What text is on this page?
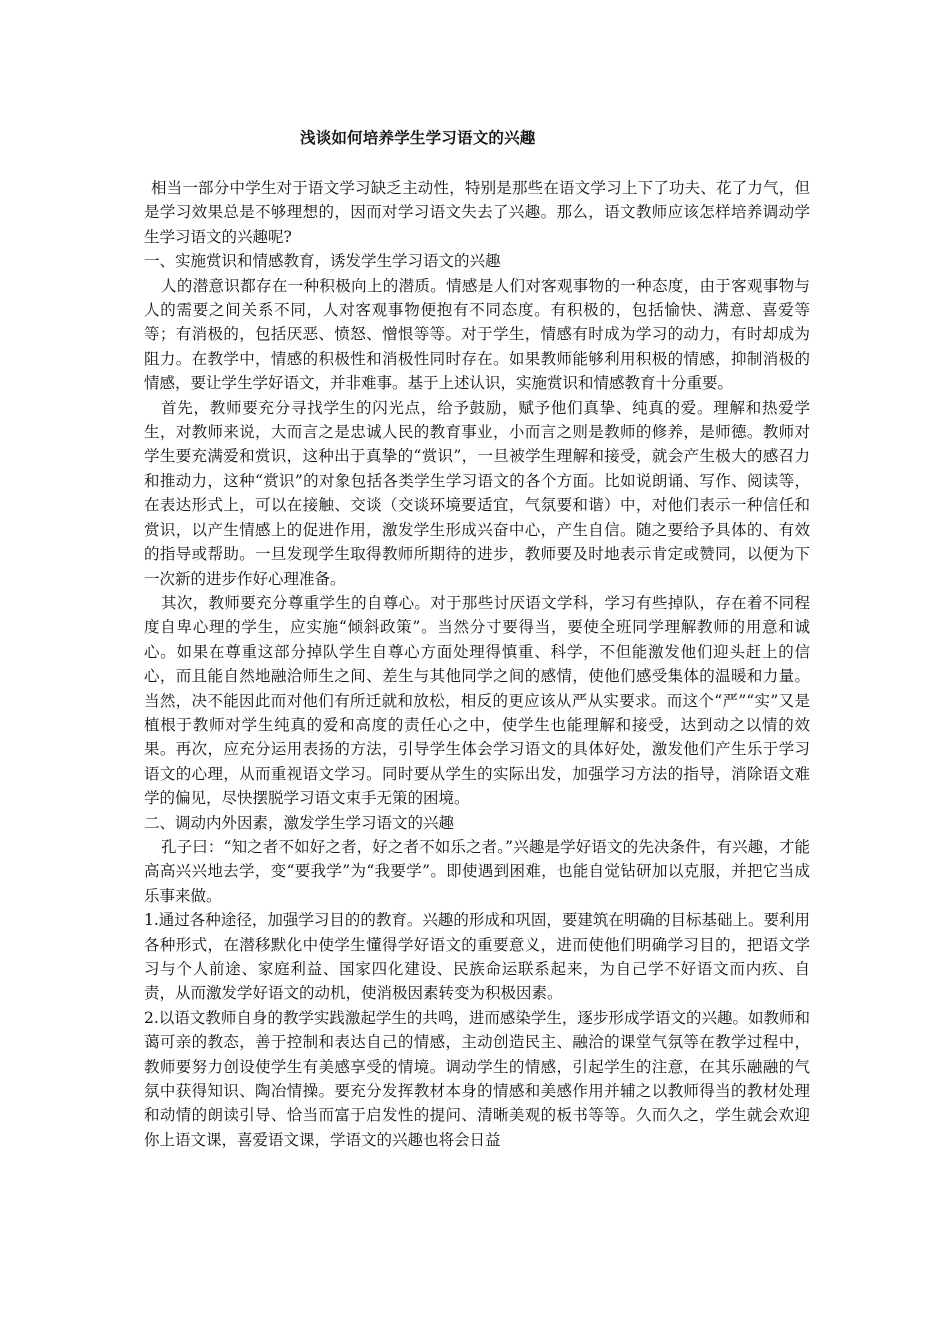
浅谈如何培养学生学习语文的兴趣

相当一部分中学生对于语文学习缺乏主动性，特别是那些在语文学习上下了功夫、花了力气，但是学习效果总是不够理想的，因而对学习语文失去了兴趣。那么，语文教师应该怎样培养调动学生学习语文的兴趣呢?

一、实施赏识和情感教育，诱发学生学习语文的兴趣

人的潜意识都存在一种积极向上的潜质。情感是人们对客观事物的一种态度，由于客观事物与人的需要之间关系不同，人对客观事物便抱有不同态度。有积极的，包括愉快、满意、喜爱等等；有消极的，包括厌恶、愤怒、憎恨等等。对于学生，情感有时成为学习的动力，有时却成为阻力。在教学中，情感的积极性和消极性同时存在。如果教师能够利用积极的情感，抑制消极的情感，要让学生学好语文，并非难事。基于上述认识，实施赏识和情感教育十分重要。

首先，教师要充分寻找学生的闪光点，给予鼓励，赋予他们真挚、纯真的爱。理解和热爱学生，对教师来说，大而言之是忠诚人民的教育事业，小而言之则是教师的修养，是师德。教师对学生要充满爱和赏识，这种出于真挚的“赏识”，一旦被学生理解和接受，就会产生极大的感召力和推动力，这种“赏识”的对象包括各类学生学习语文的各个方面。比如说朗诵、写作、阅读等，在表达形式上，可以在接触、交谈（交谈环境要适宜，气氛要和谐）中，对他们表示一种信任和赏识，以产生情感上的促进作用，激发学生形成兴奋中心，产生自信。随之要给予具体的、有效的指导或帮助。一旦发现学生取得教师所期待的进步，教师要及时地表示肯定或赞同，以便为下一次新的进步作好心理准备。

其次，教师要充分尊重学生的自尊心。对于那些讨厌语文学科，学习有些掉队，存在着不同程度自卑心理的学生，应实施“倾斜政策”。当然分寸要得当，要使全班同学理解教师的用意和诚心。如果在尊重这部分掉队学生自尊心方面处理得慎重、科学，不但能激发他们迎头赶上的信心，而且能自然地融洽师生之间、差生与其他同学之间的感情，使他们感受集体的温暖和力量。当然，决不能因此而对他们有所迁就和放松，相反的更应该从严从实要求。而这个“严”“实”又是植根于教师对学生纯真的爱和高度的责任心之中，使学生也能理解和接受，达到动之以情的效果。再次，应充分运用表扬的方法，引导学生体会学习语文的具体好处，激发他们产生乐于学习语文的心理，从而重视语文学习。同时要从学生的实际出发，加强学习方法的指导，消除语文难学的偏见，尽快摆脱学习语文束手无策的困境。

二、调动内外因素，激发学生学习语文的兴趣

孔子曰：“知之者不如好之者，好之者不如乐之者。”兴趣是学好语文的先决条件，有兴趣，才能高高兴兴地去学，变“要我学”为“我要学”。即使遇到困难，也能自觉钻研加以克服，并把它当成乐事来做。

1.通过各种途径，加强学习目的的教育。兴趣的形成和巩固，要建筑在明确的目标基础上。要利用各种形式，在潜移默化中使学生懂得学好语文的重要意义，进而使他们明确学习目的，把语文学习与个人前途、家庭利益、国家四化建设、民族命运联系起来，为自己学不好语文而内疚、自责，从而激发学好语文的动机，使消极因素转变为积极因素。

2.以语文教师自身的教学实践激起学生的共鸣，进而感染学生，逐步形成学语文的兴趣。如教师和蔼可亲的教态，善于控制和表达自己的情感，主动创造民主、融洽的课堂气氛等在教学过程中，教师要努力创设使学生有美感享受的情境。调动学生的情感，引起学生的注意，在其乐融融的气氛中获得知识、陶冶情操。要充分发挥教材本身的情感和美感作用并辅之以教师得当的教材处理和动情的朗读引导、恰当而富于启发性的提问、清晰美观的板书等等。久而久之，学生就会欢迎你上语文课，喜爱语文课，学语文的兴趣也将会日益
